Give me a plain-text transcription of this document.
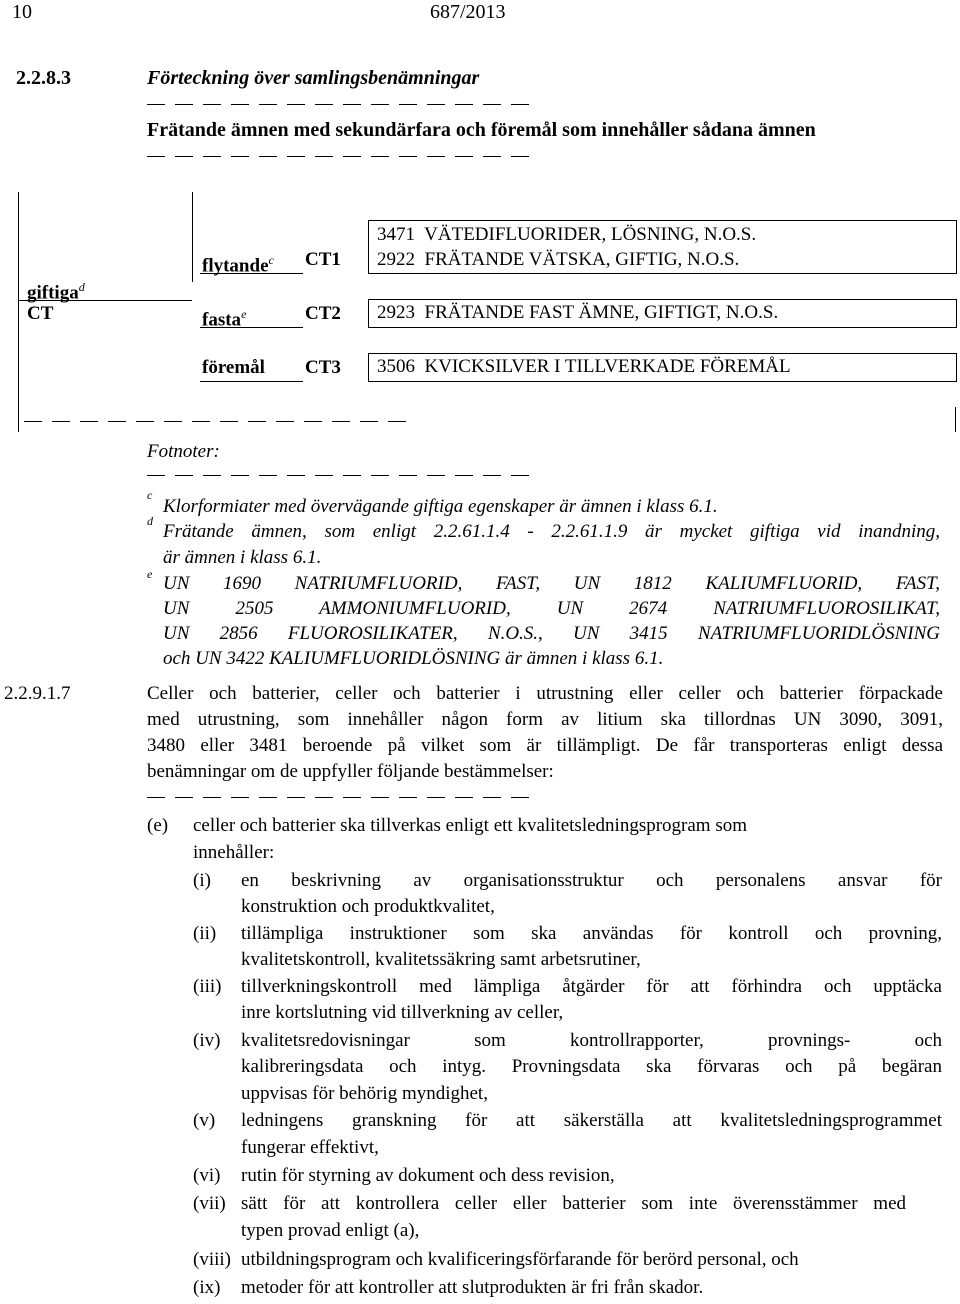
10	687/2013
2.2.8.3	Förteckning över samlingsbenämningar
Frätande ämnen med sekundärfara och föremål som innehåller sådana ämnen
giftiga$^d$
CT
flytande$^c$ CT1
3471  VÄTEDIFLUORIDER, LÖSNING, N.O.S.
2922  FRÄTANDE VÄTSKA, GIFTIG, N.O.S.
fasta$^e$	CT2 2923  FRÄTANDE FAST ÄMNE, GIFTIGT, N.O.S.
föremål CT3 3506  KVICKSILVER I TILLVERKADE FÖREMÅL
Fotnoter:
c
Klorformiater med övervägande giftiga egenskaper är ämnen i klass 6.1.
d Frätande ämnen, som enligt 2.2.61.1.4 - 2.2.61.1.9 är mycket giftiga vid inandning,
är ämnen i klass 6.1.
e UN 1690 NATRIUMFLUORID, FAST, UN 1812 KALIUMFLUORID, FAST,
UN 2505 AMMONIUMFLUORID, UN 2674 NATRIUMFLUOROSILIKAT,
UN 2856 FLUOROSILIKATER, N.O.S., UN 3415 NATRIUMFLUORIDLÖSNING
och UN 3422 KALIUMFLUORIDLÖSNING är ämnen i klass 6.1.
2.2.9.1.7	Celler och batterier, celler och batterier i utrustning eller celler och batterier förpackade
med utrustning, som innehåller någon form av litium ska tillordnas UN 3090, 3091,
3480 eller 3481 beroende på vilket som är tillämpligt. De får transporteras enligt dessa
benämningar om de uppfyller följande bestämmelser:
(e) celler och batterier ska tillverkas enligt ett kvalitetsledningsprogram som
innehåller:
(i) en beskrivning av organisationsstruktur och personalens ansvar för
konstruktion och produktkvalitet,
(ii) tillämpliga instruktioner som ska användas för kontroll och provning,
kvalitetskontroll, kvalitetssäkring samt arbetsrutiner,
(iii) tillverkningskontroll med lämpliga åtgärder för att förhindra och upptäcka
inre kortslutning vid tillverkning av celler,
(iv) kvalitetsredovisningar som kontrollrapporter, provnings- och
kalibreringsdata och intyg. Provningsdata ska förvaras och på begäran
uppvisas för behörig myndighet,
(v) ledningens granskning för att säkerställa att kvalitetsledningsprogrammet
fungerar effektivt,
(vi) rutin för styrning av dokument och dess revision,
(vii) sätt för att kontrollera celler eller batterier som inte överensstämmer med
typen provad enligt (a),
(viii) utbildningsprogram och kvalificeringsförfarande för berörd personal, och
(ix) metoder för att kontroller att slutprodukten är fri från skador.
